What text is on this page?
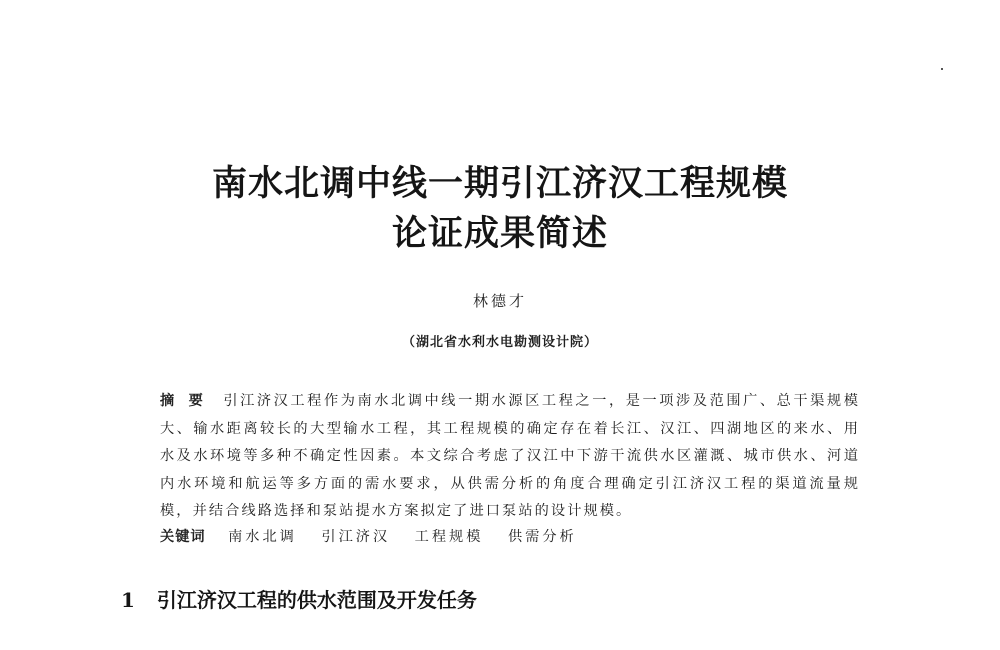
南水北调中线一期引江济汉工程规模
论证成果简述
林德才
（湖北省水利水电勘测设计院）

摘要 引江济汉工程作为南水北调中线一期水源区工程之一，是一项涉及范围广、总干渠规模大、输水距离较长的大型输水工程，其工程规模的确定存在着长江、汉江、四湖地区的来水、用水及水环境等多种不确定性因素。本文综合考虑了汉江中下游干流供水区灌溉、城市供水、河道内水环境和航运等多方面的需水要求，从供需分析的角度合理确定引江济汉工程的渠道流量规模，并结合线路选择和泵站提水方案拟定了进口泵站的设计规模。

关键词 南水北调 引江济汉 工程规模 供需分析
1 引江济汉工程的供水范围及开发任务
